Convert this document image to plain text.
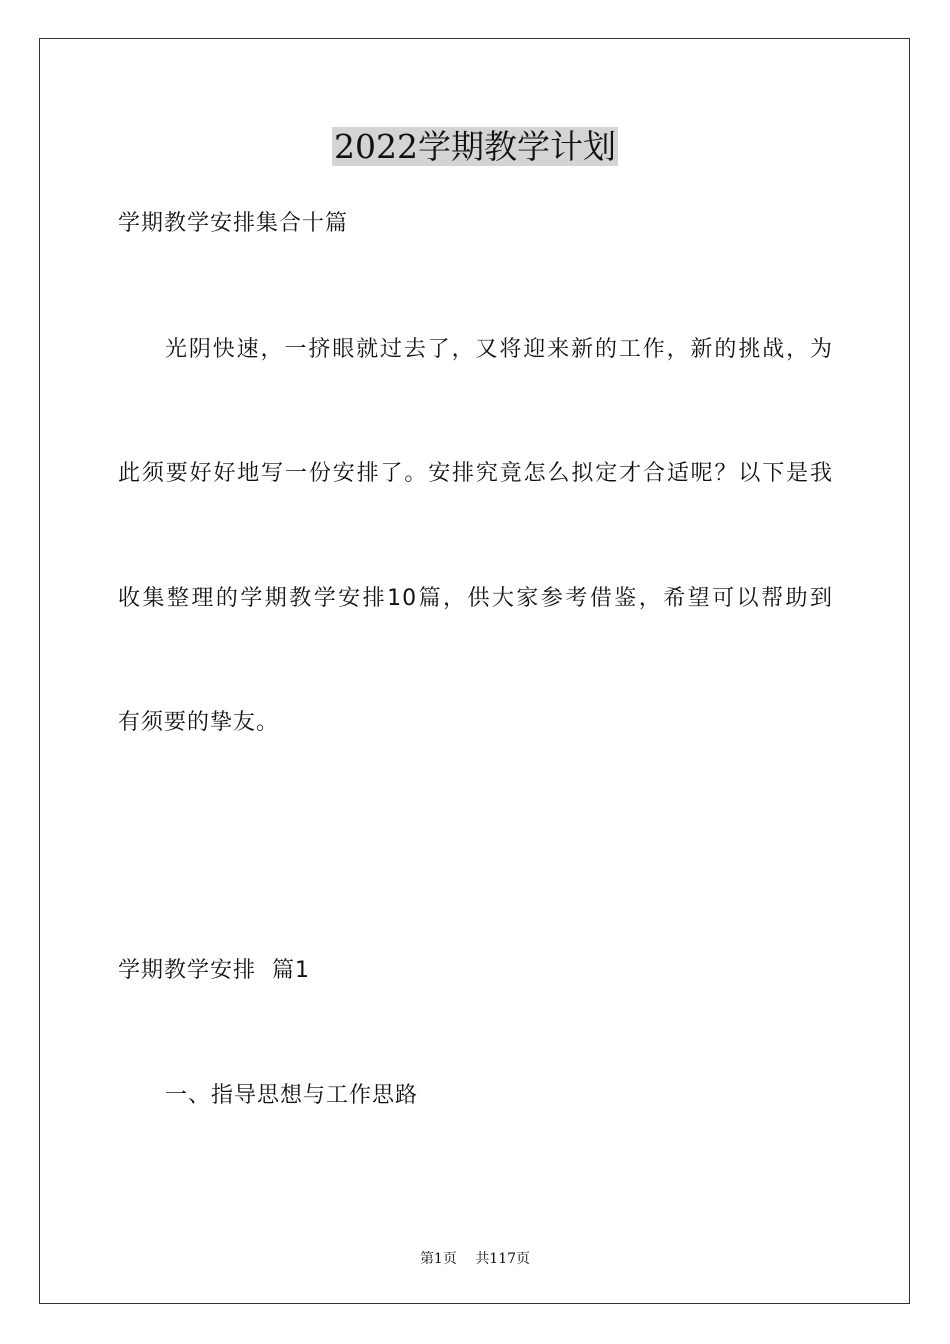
2022学期教学计划
学期教学安排集合十篇
光阴快速，一挤眼就过去了，又将迎来新的工作，新的挑战，为
此须要好好地写一份安排了。安排究竟怎么拟定才合适呢？以下是我
收集整理的学期教学安排10篇，供大家参考借鉴，希望可以帮助到
有须要的挚友。
学期教学安排  篇1
一、指导思想与工作思路
第1页 共117页
